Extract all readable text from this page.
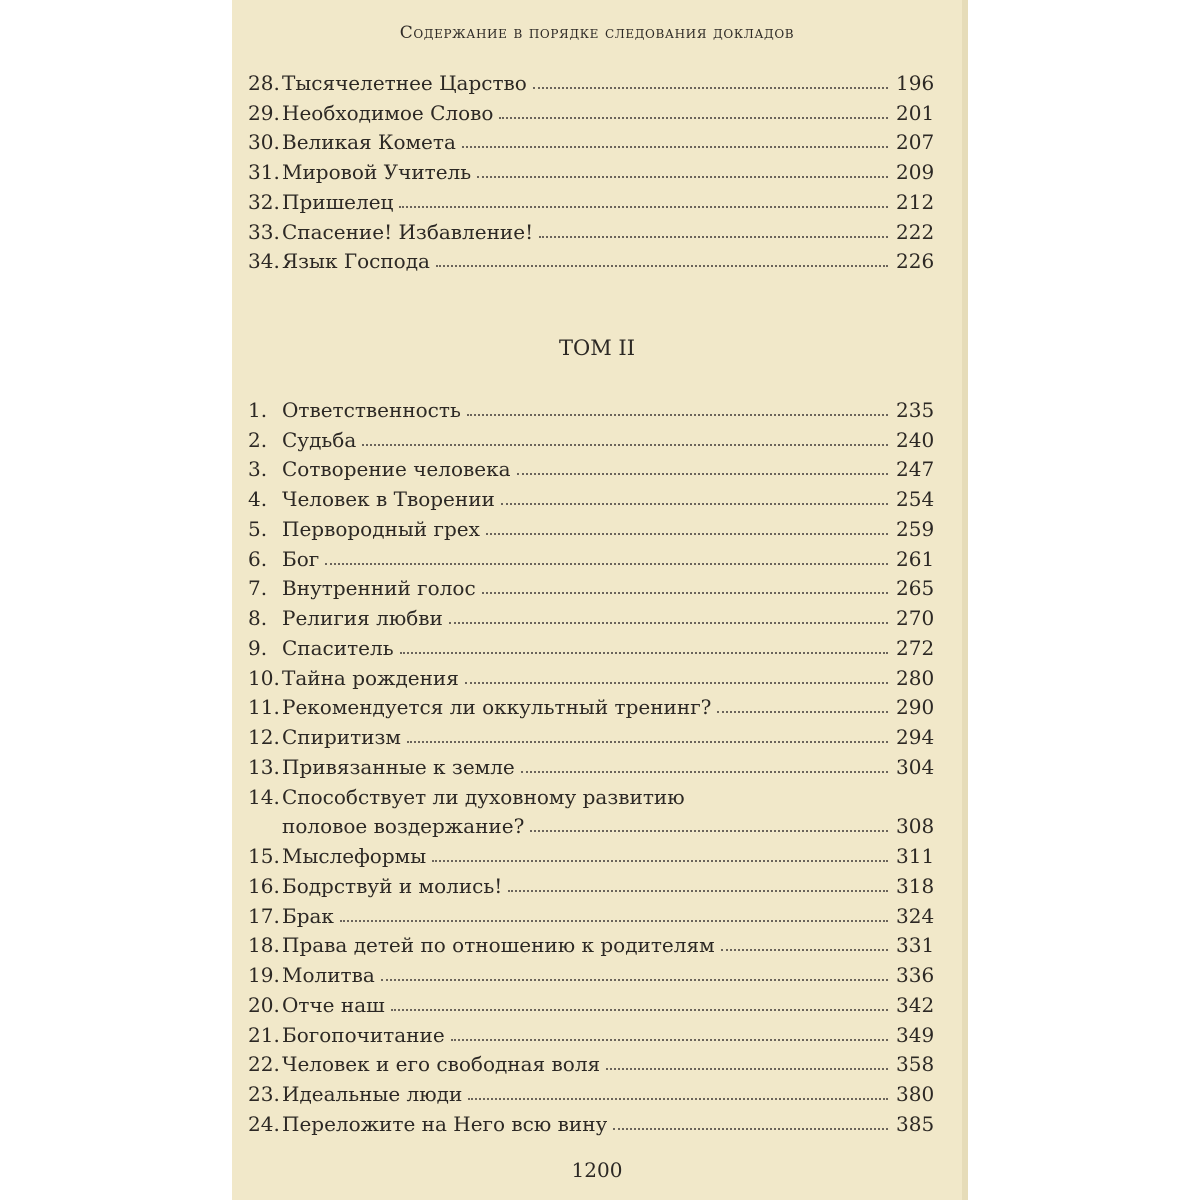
Содержание в порядке следования докладов
28. Тысячелетнее Царство	196
29. Необходимое Слово	201
30. Великая Комета	207
31. Мировой Учитель	209
32. Пришелец	212
33. Спасение! Избавление!	222
34. Язык Господа	226
ТОМ II
1. Ответственность	235
2. Судьба	240
3. Сотворение человека	247
4. Человек в Творении	254
5. Первородный грех	259
6. Бог	261
7. Внутренний голос	265
8. Религия любви	270
9. Спаситель	272
10. Тайна рождения	280
11. Рекомендуется ли оккультный тренинг?	290
12. Спиритизм	294
13. Привязанные к земле	304
14. Способствует ли духовному развитию
половое воздержание?	308
15. Мыслеформы	311
16. Бодрствуй и молись!	318
17. Брак	324
18. Права детей по отношению к родителям	331
19. Молитва	336
20. Отче наш	342
21. Богопочитание	349
22. Человек и его свободная воля	358
23. Идеальные люди	380
24. Переложите на Него всю вину	385
1200
